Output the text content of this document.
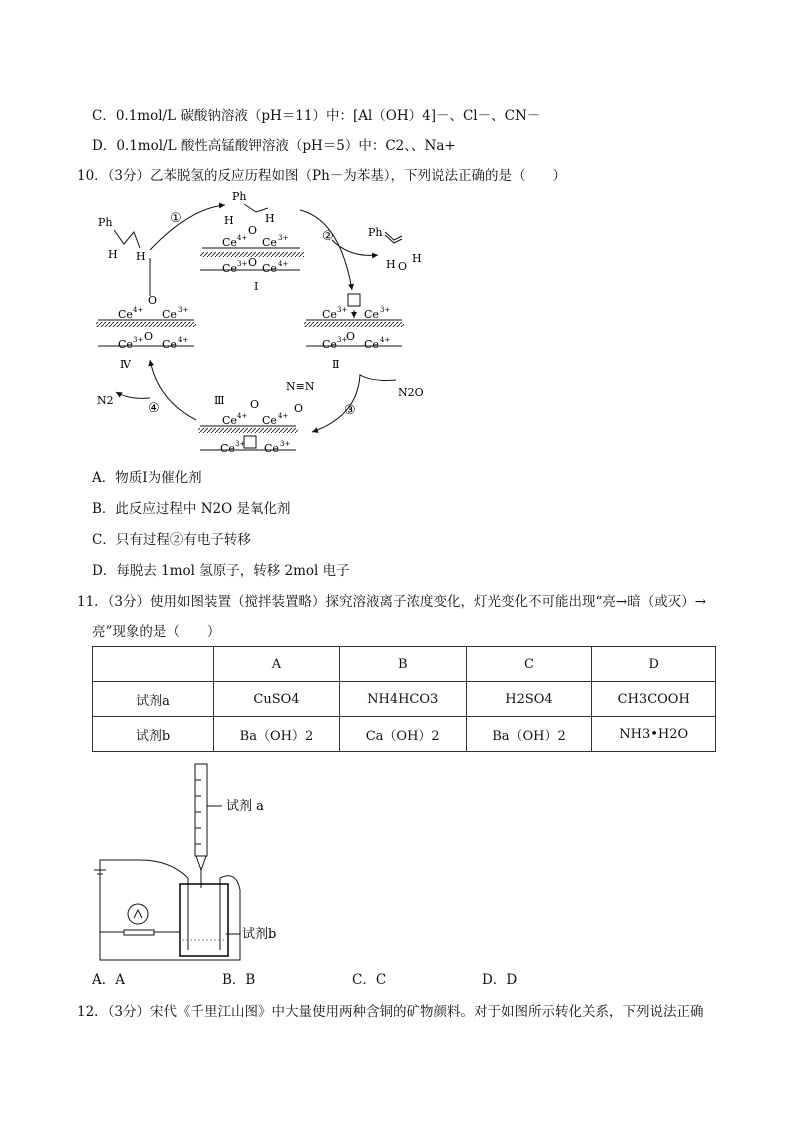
C．0.1mol/L 碳酸钠溶液（pH＝11）中：[Al（OH）4]－、Cl－、CN－
D．0.1mol/L 酸性高锰酸钾溶液（pH＝5）中：C2、、Na+
10．（3分）乙苯脱氢的反应历程如图（Ph－为苯基），下列说法正确的是（　　）
Ph
H H
①
Ph
H	H
O
Ce 4+ Ce 3+
Ce 3+ O Ce 4+
Ⅰ
②	Ph
H O
H
Ce 3+ Ce 3+
Ce 3+
O
Ce 4+
Ⅱ
N2O
③
N≡N
O
Ⅲ O
Ce 4+ Ce 4+
Ce 3+ Ce 3+
④
N2
O
Ce 4+ Ce 3+
Ce 3+ O
Ce 4+
Ⅳ
A．物质Ⅰ为催化剂
B．此反应过程中 N2O 是氧化剂
C．只有过程②有电子转移
D．每脱去 1mol 氢原子，转移 2mol 电子
11．（3分）使用如图装置（搅拌装置略）探究溶液离子浓度变化，灯光变化不可能出现“亮→暗（或灭）→
亮”现象的是（　　）
	A	B	C	D
试剂a	CuSO4	NH4HCO3	H2SO4	CH3COOH
试剂b	Ba（OH）2	Ca（OH）2	Ba（OH）2	NH3•H2O
试剂 a
试剂b
A．A	B．B	C．C	D．D
12．（3分）宋代《千里江山图》中大量使用两种含铜的矿物颜料。对于如图所示转化关系，下列说法正确
